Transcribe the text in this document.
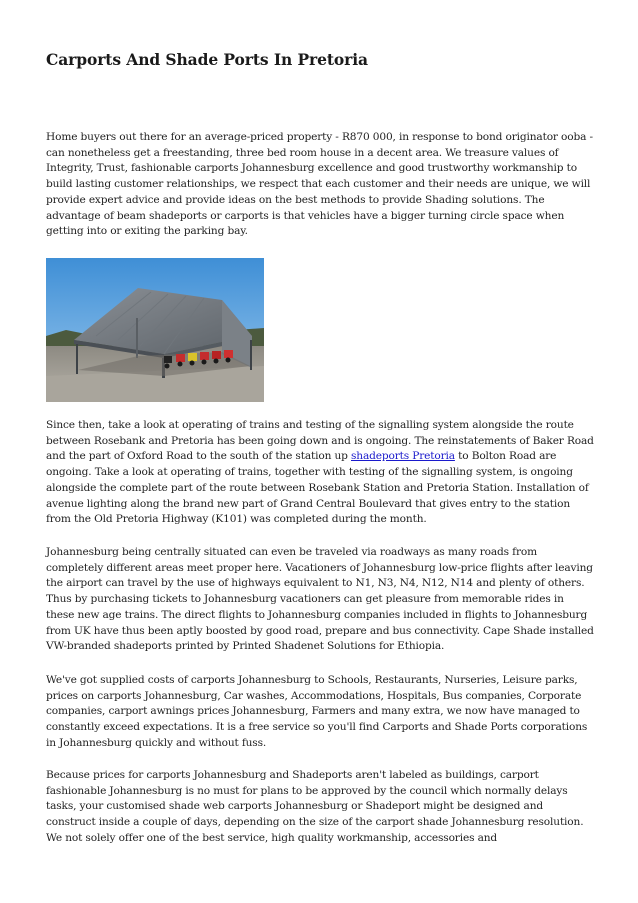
Carports And Shade Ports In Pretoria

Home buyers out there for an average-priced property - R870 000, in response to bond originator ooba - can nonetheless get a freestanding, three bed room house in a decent area. We treasure values of Integrity, Trust, fashionable carports Johannesburg excellence and good trustworthy workmanship to build lasting customer relationships, we respect that each customer and their needs are unique, we will provide expert advice and provide ideas on the best methods to provide Shading solutions. The advantage of beam shadeports or carports is that vehicles have a bigger turning circle space when getting into or exiting the parking bay.

Since then, take a look at operating of trains and testing of the signalling system alongside the route between Rosebank and Pretoria has been going down and is ongoing. The reinstatements of Baker Road and the part of Oxford Road to the south of the station up shadeports Pretoria to Bolton Road are ongoing. Take a look at operating of trains, together with testing of the signalling system, is ongoing alongside the complete part of the route between Rosebank Station and Pretoria Station. Installation of avenue lighting along the brand new part of Grand Central Boulevard that gives entry to the station from the Old Pretoria Highway (K101) was completed during the month.

Johannesburg being centrally situated can even be traveled via roadways as many roads from completely different areas meet proper here. Vacationers of Johannesburg low-price flights after leaving the airport can travel by the use of highways equivalent to N1, N3, N4, N12, N14 and plenty of others. Thus by purchasing tickets to Johannesburg vacationers can get pleasure from memorable rides in these new age trains. The direct flights to Johannesburg companies included in flights to Johannesburg from UK have thus been aptly boosted by good road, prepare and bus connectivity. Cape Shade installed VW-branded shadeports printed by Printed Shadenet Solutions for Ethiopia.

We've got supplied costs of carports Johannesburg to Schools, Restaurants, Nurseries, Leisure parks, prices on carports Johannesburg, Car washes, Accommodations, Hospitals, Bus companies, Corporate companies, carport awnings prices Johannesburg, Farmers and many extra, we now have managed to constantly exceed expectations. It is a free service so you'll find Carports and Shade Ports corporations in Johannesburg quickly and without fuss.

Because prices for carports Johannesburg and Shadeports aren't labeled as buildings, carport fashionable Johannesburg is no must for plans to be approved by the council which normally delays tasks, your customised shade web carports Johannesburg or Shadeport might be designed and construct inside a couple of days, depending on the size of the carport shade Johannesburg resolution. We not solely offer one of the best service, high quality workmanship, accessories and
